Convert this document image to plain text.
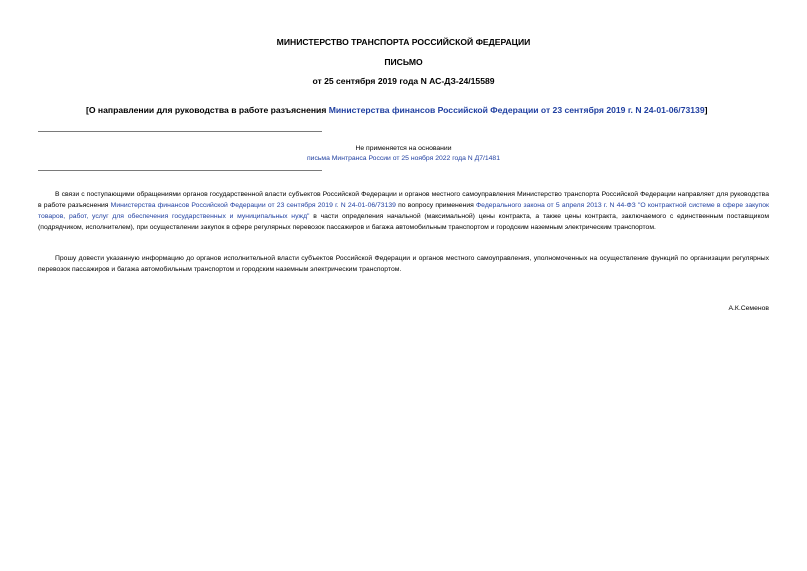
МИНИСТЕРСТВО ТРАНСПОРТА РОССИЙСКОЙ ФЕДЕРАЦИИ
ПИСЬМО
от 25 сентября 2019 года N АС-ДЗ-24/15589
[О направлении для руководства в работе разъяснения Министерства финансов Российской Федерации от 23 сентября 2019 г. N 24-01-06/73139]
Не применяется на основании
письма Минтранса России от 25 ноября 2022 года N Д7/1481

В связи с поступающими обращениями органов государственной власти субъектов Российской Федерации и органов местного самоуправления Министерство транспорта Российской Федерации направляет для руководства в работе разъяснения Министерства финансов Российской Федерации от 23 сентября 2019 г. N 24-01-06/73139 по вопросу применения Федерального закона от 5 апреля 2013 г. N 44-ФЗ "О контрактной системе в сфере закупок товаров, работ, услуг для обеспечения государственных и муниципальных нужд" в части определения начальной (максимальной) цены контракта, а также цены контракта, заключаемого с единственным поставщиком (подрядчиком, исполнителем), при осуществлении закупок в сфере регулярных перевозок пассажиров и багажа автомобильным транспортом и городским наземным электрическим транспортом.

Прошу довести указанную информацию до органов исполнительной власти субъектов Российской Федерации и органов местного самоуправления, уполномоченных на осуществление функций по организации регулярных перевозок пассажиров и багажа автомобильным транспортом и городским наземным электрическим транспортом.

А.К.Семенов
